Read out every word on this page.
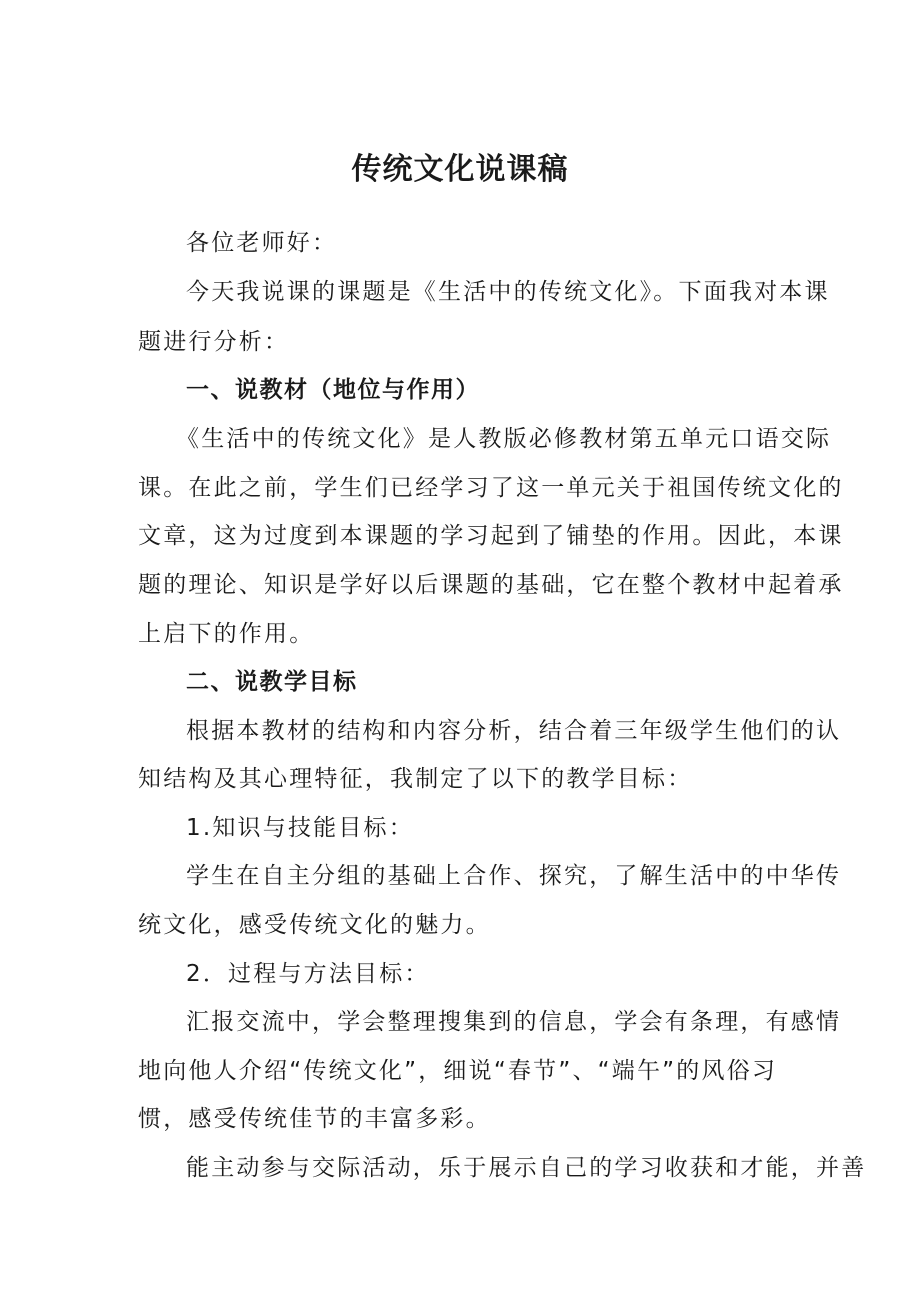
传统文化说课稿
各位老师好：
今天我说课的课题是《生活中的传统文化》。下面我对本课
题进行分析：
一、说教材（地位与作用）
《生活中的传统文化》是人教版必修教材第五单元口语交际
课。在此之前，学生们已经学习了这一单元关于祖国传统文化的
文章，这为过度到本课题的学习起到了铺垫的作用。因此，本课
题的理论、知识是学好以后课题的基础，它在整个教材中起着承
上启下的作用。
二、说教学目标
根据本教材的结构和内容分析，结合着三年级学生他们的认
知结构及其心理特征，我制定了以下的教学目标：
1.知识与技能目标：
学生在自主分组的基础上合作、探究，了解生活中的中华传
统文化，感受传统文化的魅力。
2．过程与方法目标：
汇报交流中，学会整理搜集到的信息，学会有条理，有感情
地向他人介绍“传统文化”，细说“春节”、“端午”的风俗习
惯，感受传统佳节的丰富多彩。
能主动参与交际活动，乐于展示自己的学习收获和才能，并善
